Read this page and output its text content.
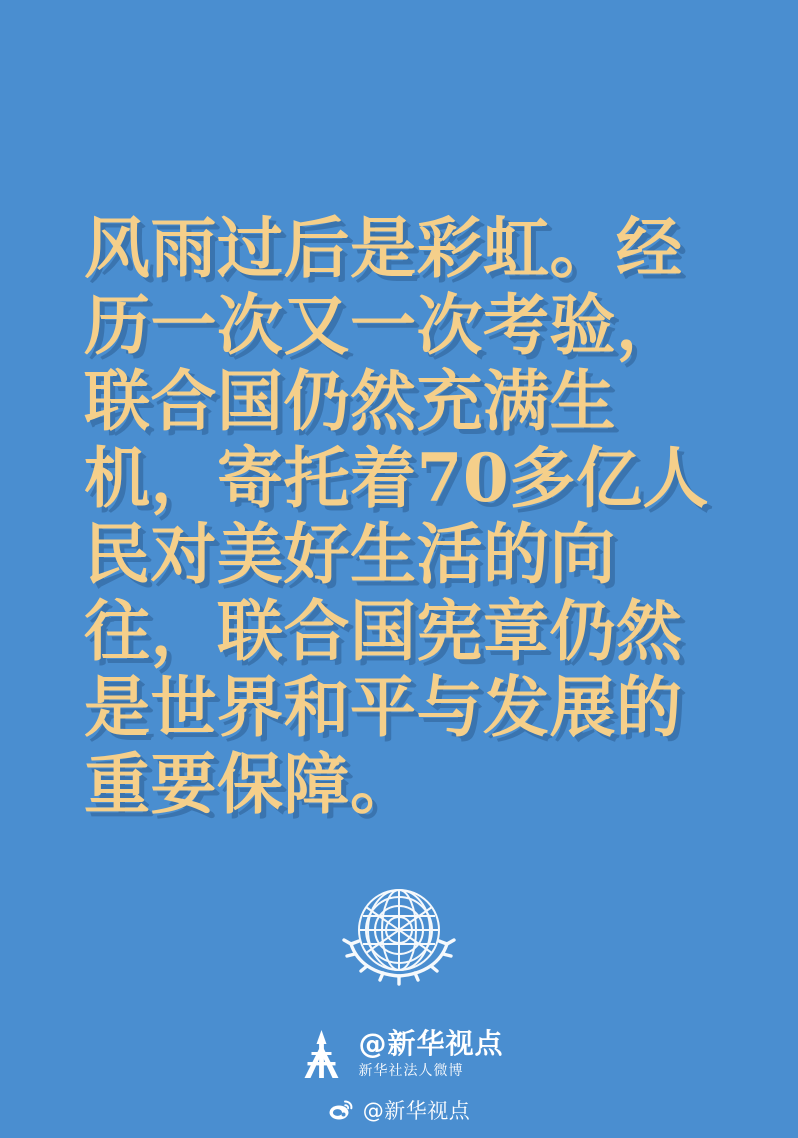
风雨过后是彩虹。经历一次又一次考验，联合国仍然充满生机，寄托着70多亿人民对美好生活的向往，联合国宪章仍然是世界和平与发展的重要保障。

@新华视点
新华社法人微博
@新华视点
